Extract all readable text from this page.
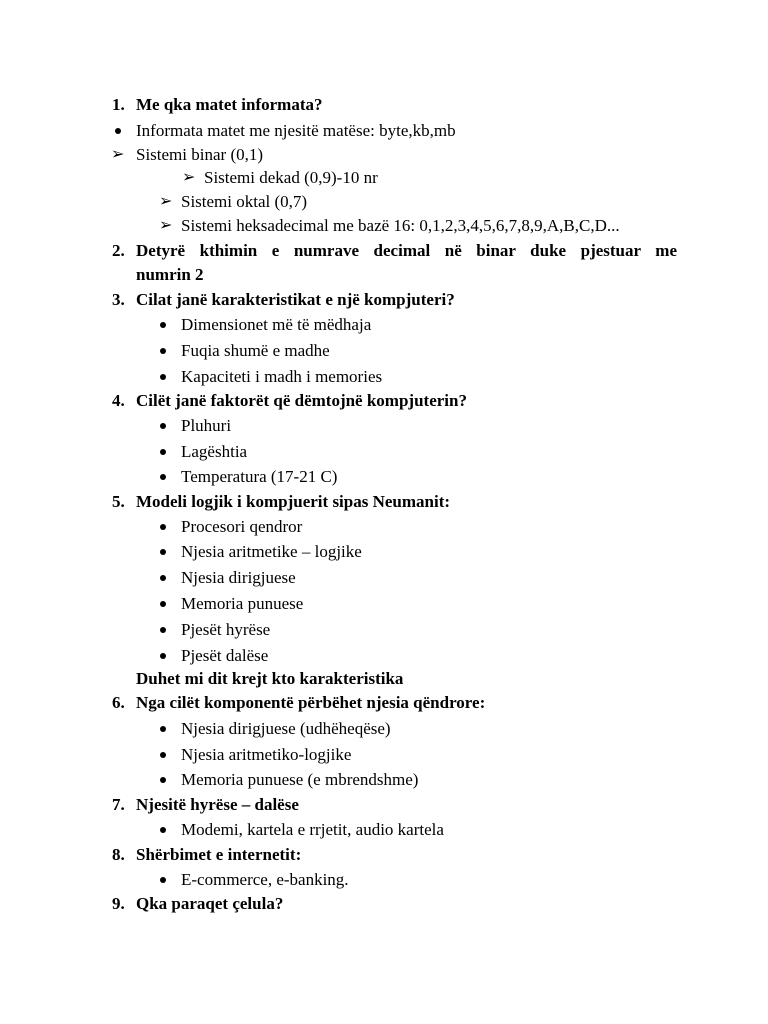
1. Me qka matet informata?
Informata matet me njesitë matëse: byte,kb,mb
➢ Sistemi binar (0,1)
➢ Sistemi dekad (0,9)-10 nr
➢ Sistemi oktal (0,7)
➢ Sistemi heksadecimal me bazë 16: 0,1,2,3,4,5,6,7,8,9,A,B,C,D...
2. Detyrë kthimin e numrave decimal në binar duke pjestuar me
numrin 2
3. Cilat janë karakteristikat e një kompjuteri?
Dimensionet më të mëdhaja
Fuqia shumë e madhe
Kapaciteti i madh i memories
4. Cilët janë faktorët që dëmtojnë kompjuterin?
Pluhuri
Lagështia
Temperatura (17-21 C)
5. Modeli logjik i kompjuerit sipas Neumanit:
Procesori qendror
Njesia aritmetike – logjike
Njesia dirigjuese
Memoria punuese
Pjesët hyrëse
Pjesët dalëse
Duhet mi dit krejt kto karakteristika
6. Nga cilët komponentë përbëhet njesia qëndrore:
Njesia dirigjuese (udhëheqëse)
Njesia aritmetiko-logjike
Memoria punuese (e mbrendshme)
7. Njesitë hyrëse – dalëse
Modemi, kartela e rrjetit, audio kartela
8. Shërbimet e internetit:
E-commerce, e-banking.
9. Qka paraqet çelula?
